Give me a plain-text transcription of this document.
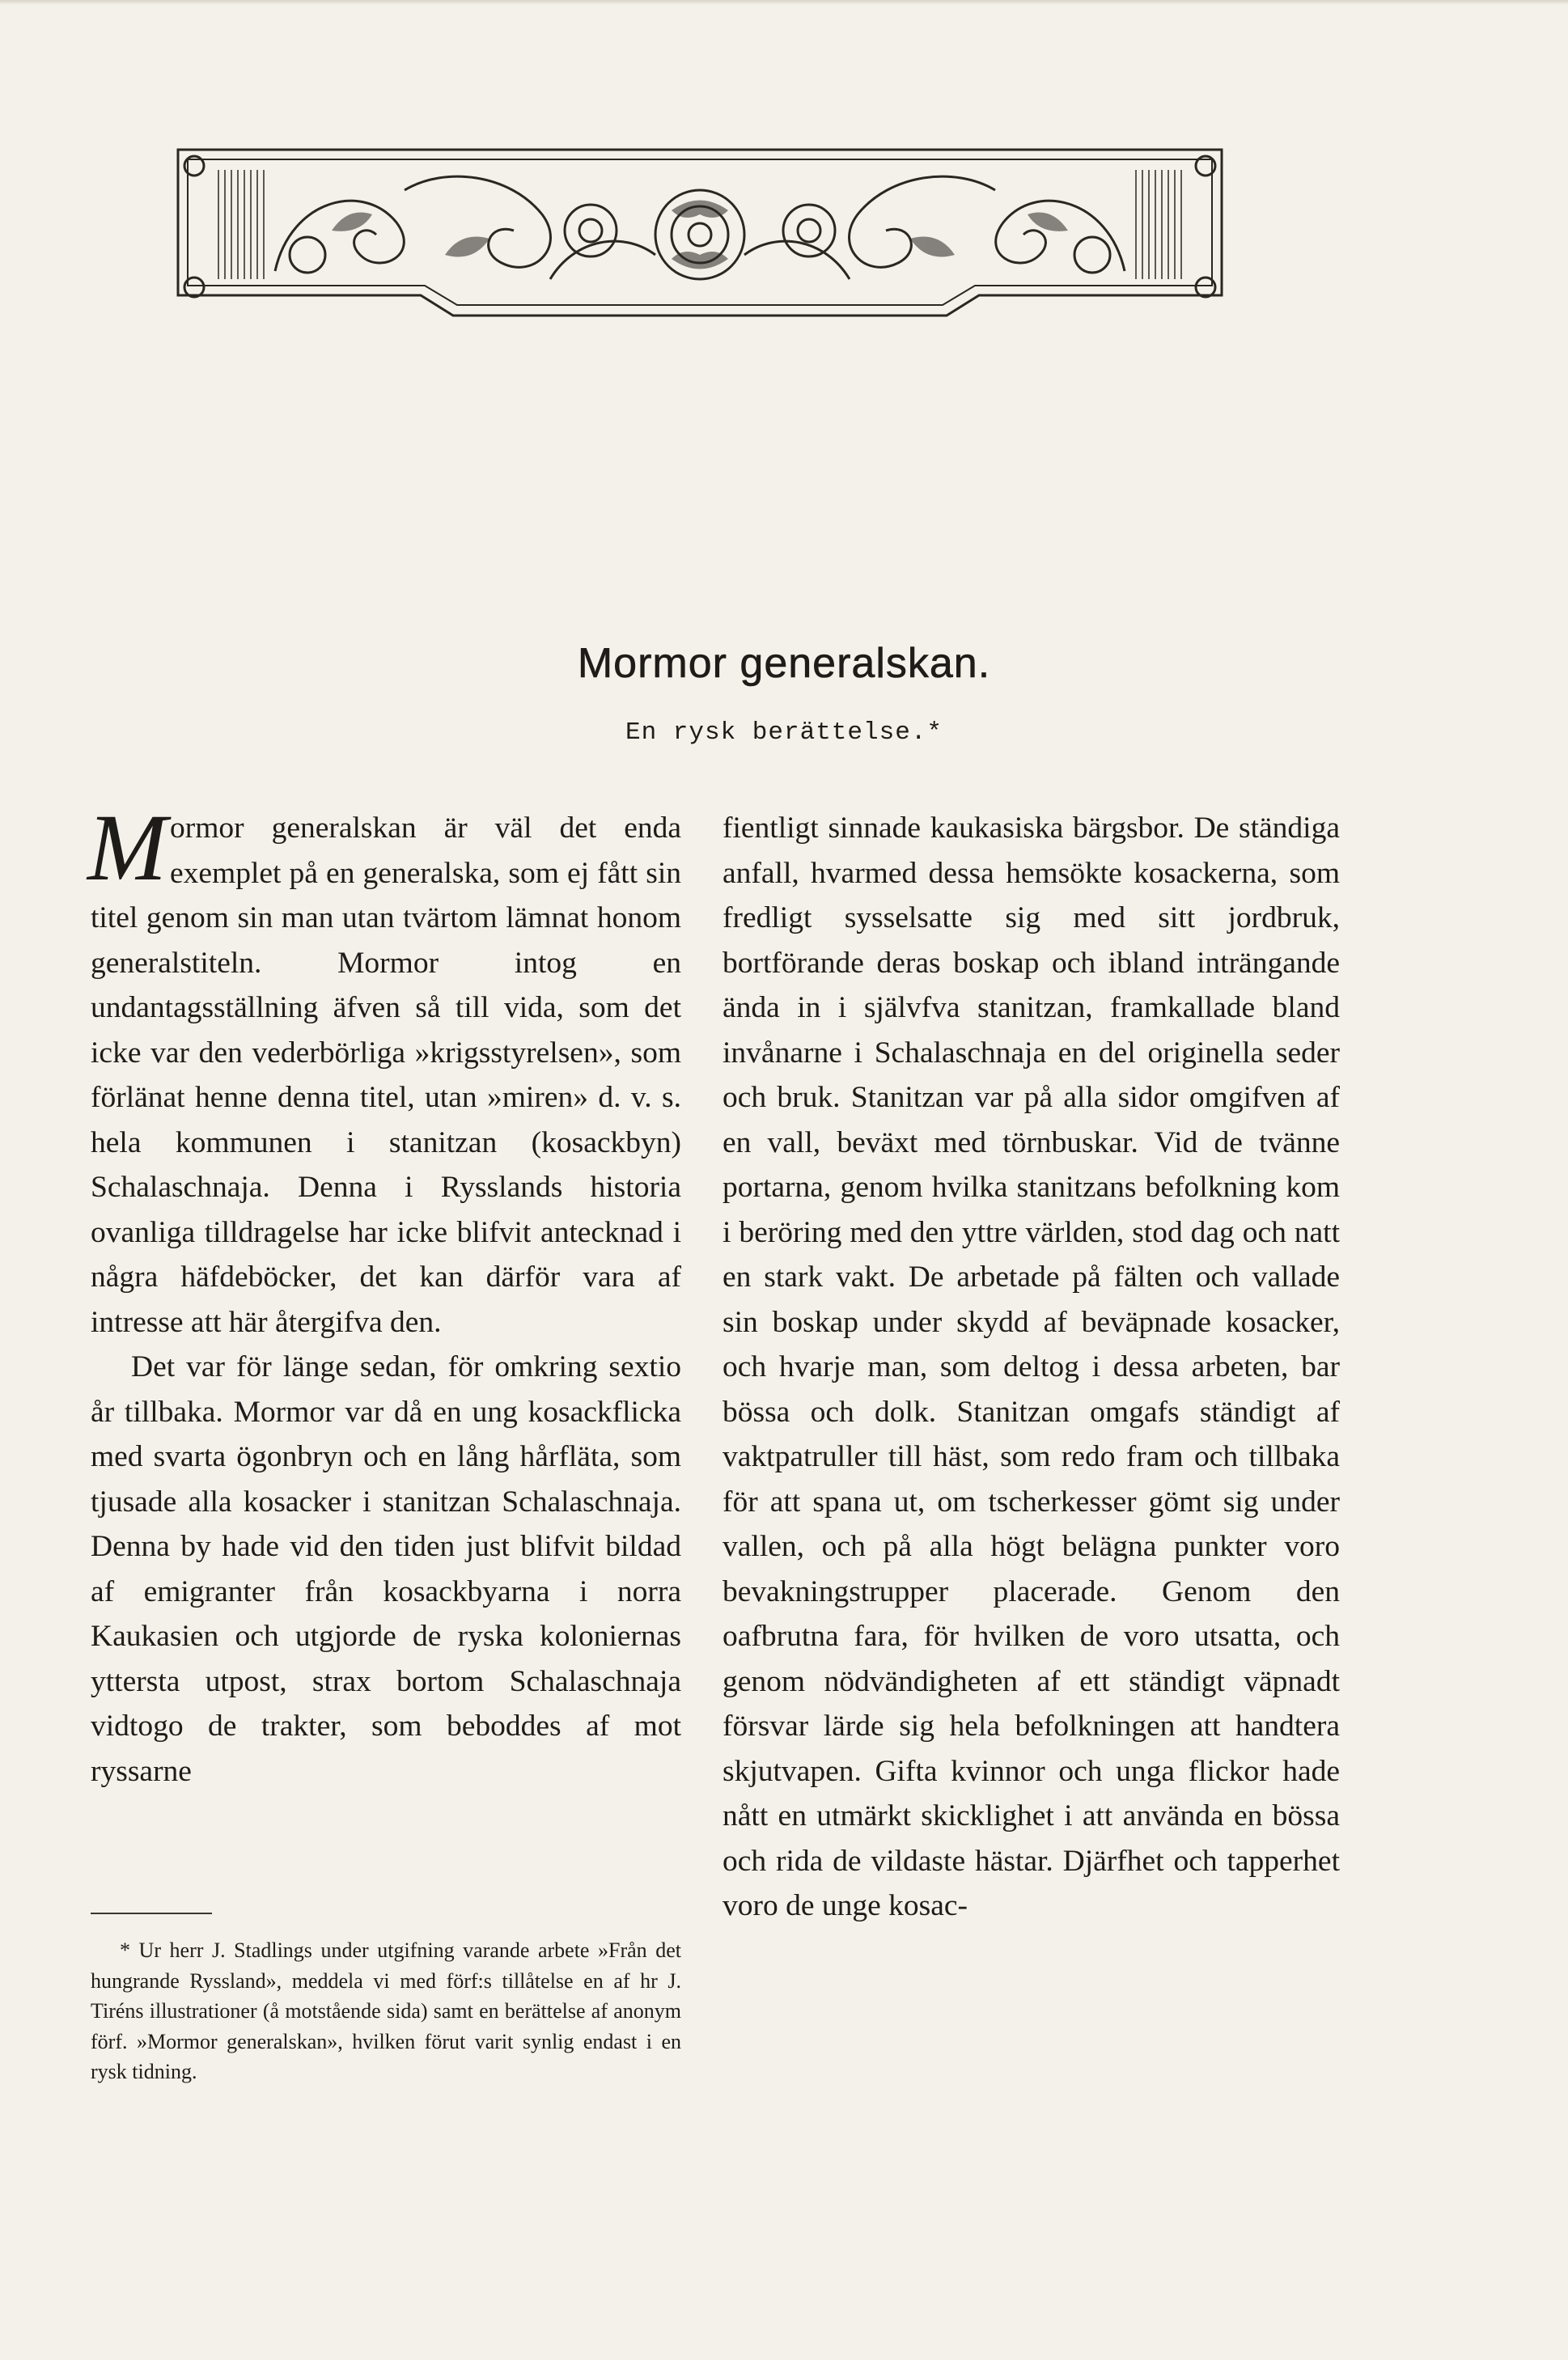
Mormor generalskan.
En rysk berättelse.*

Mormor generalskan är väl det enda exemplet på en generalska, som ej fått sin titel genom sin man utan tvärtom lämnat honom generalstiteln. Mormor intog en undantagsställning äfven så till vida, som det icke var den vederbörliga »krigsstyrelsen», som förlänat henne denna titel, utan »miren» d. v. s. hela kommunen i stanitzan (kosackbyn) Schalaschnaja. Denna i Rysslands historia ovanliga tilldragelse har icke blifvit antecknad i några häfdeböcker, det kan därför vara af intresse att här återgifva den.

Det var för länge sedan, för omkring sextio år tillbaka. Mormor var då en ung kosackflicka med svarta ögonbryn och en lång hårfläta, som tjusade alla kosacker i stanitzan Schalaschnaja. Denna by hade vid den tiden just blifvit bildad af emigranter från kosackbyarna i norra Kaukasien och utgjorde de ryska koloniernas yttersta utpost, strax bortom Schalaschnaja vidtogo de trakter, som beboddes af mot ryssarne

fientligt sinnade kaukasiska bärgsbor. De ständiga anfall, hvarmed dessa hemsökte kosackerna, som fredligt sysselsatte sig med sitt jordbruk, bortförande deras boskap och ibland inträngande ända in i självfva stanitzan, framkallade bland invånarne i Schalaschnaja en del originella seder och bruk. Stanitzan var på alla sidor omgifven af en vall, beväxt med törnbuskar. Vid de tvänne portarna, genom hvilka stanitzans befolkning kom i beröring med den yttre världen, stod dag och natt en stark vakt. De arbetade på fälten och vallade sin boskap under skydd af beväpnade kosacker, och hvarje man, som deltog i dessa arbeten, bar bössa och dolk. Stanitzan omgafs ständigt af vaktpatruller till häst, som redo fram och tillbaka för att spana ut, om tscherkesser gömt sig under vallen, och på alla högt belägna punkter voro bevakningstrupper placerade. Genom den oafbrutna fara, för hvilken de voro utsatta, och genom nödvändigheten af ett ständigt väpnadt försvar lärde sig hela befolkningen att handtera skjutvapen. Gifta kvinnor och unga flickor hade nått en utmärkt skicklighet i att använda en bössa och rida de vildaste hästar. Djärfhet och tapperhet voro de unge kosac-

* Ur herr J. Stadlings under utgifning varande arbete »Från det hungrande Ryssland», meddela vi med förf:s tillåtelse en af hr J. Tiréns illustrationer (å motstående sida) samt en berättelse af anonym förf. »Mormor generalskan», hvilken förut varit synlig endast i en rysk tidning.
